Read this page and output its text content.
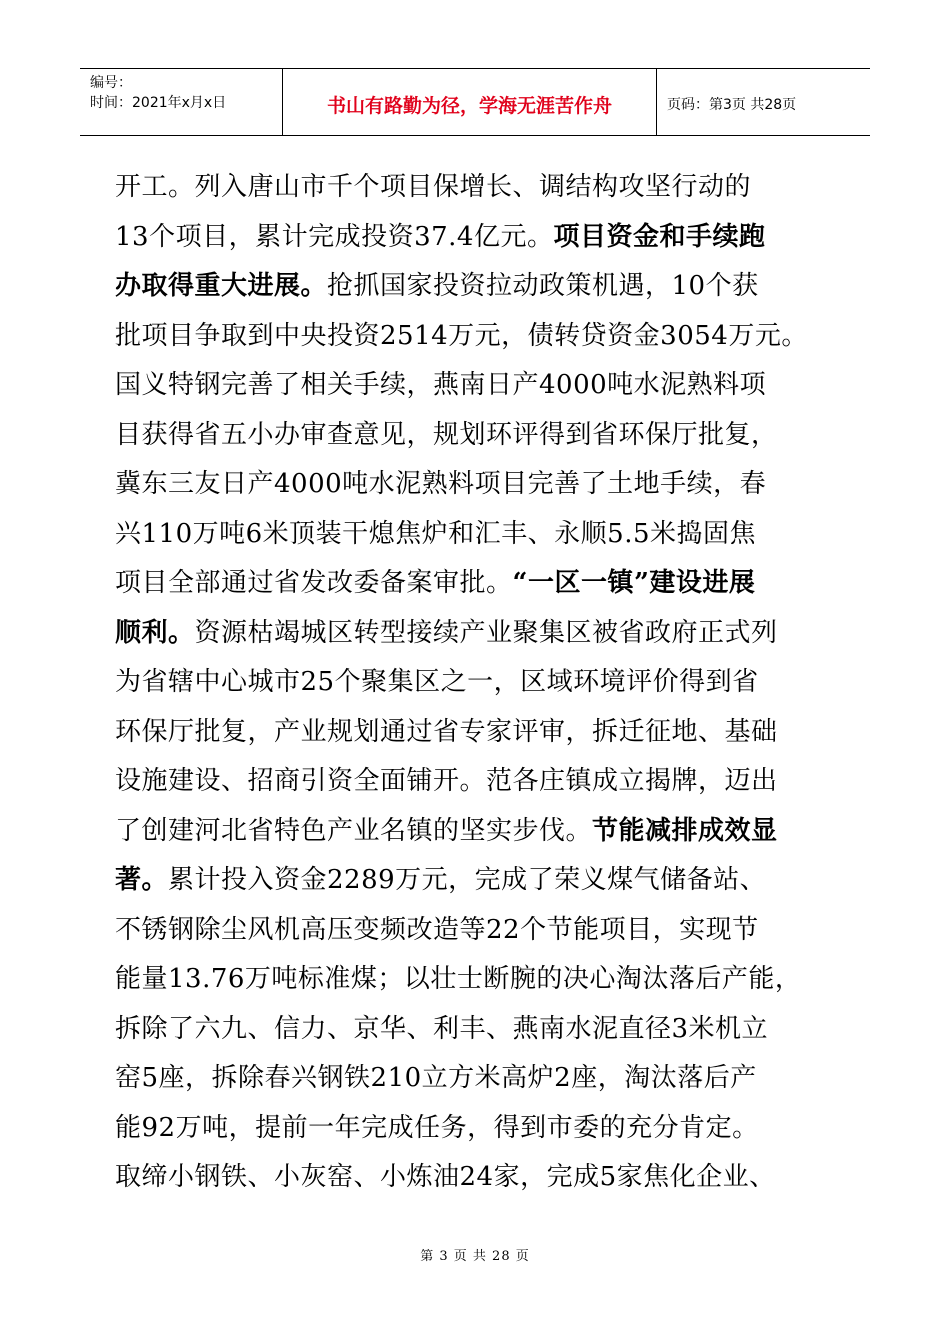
编号：
时间：2021年x月x日	书山有路勤为径，学海无涯苦作舟	页码：第3页 共28页
开工。列入唐山市千个项目保增长、调结构攻坚行动的
13个项目，累计完成投资37.4亿元。项目资金和手续跑
办取得重大进展。抢抓国家投资拉动政策机遇，10个获
批项目争取到中央投资2514万元，债转贷资金3054万元。
国义特钢完善了相关手续，燕南日产4000吨水泥熟料项
目获得省五小办审查意见，规划环评得到省环保厅批复，
冀东三友日产4000吨水泥熟料项目完善了土地手续，春
兴110万吨6米顶装干熄焦炉和汇丰、永顺5.5米捣固焦
项目全部通过省发改委备案审批。“一区一镇”建设进展
顺利。资源枯竭城区转型接续产业聚集区被省政府正式列
为省辖中心城市25个聚集区之一，区域环境评价得到省
环保厅批复，产业规划通过省专家评审，拆迁征地、基础
设施建设、招商引资全面铺开。范各庄镇成立揭牌，迈出
了创建河北省特色产业名镇的坚实步伐。节能减排成效显
著。累计投入资金2289万元，完成了荣义煤气储备站、
不锈钢除尘风机高压变频改造等22个节能项目，实现节
能量13.76万吨标准煤；以壮士断腕的决心淘汰落后产能，
拆除了六九、信力、京华、利丰、燕南水泥直径3米机立
窑5座，拆除春兴钢铁210立方米高炉2座，淘汰落后产
能92万吨，提前一年完成任务，得到市委的充分肯定。
取缔小钢铁、小灰窑、小炼油24家，完成5家焦化企业、
第 3 页 共 28 页
